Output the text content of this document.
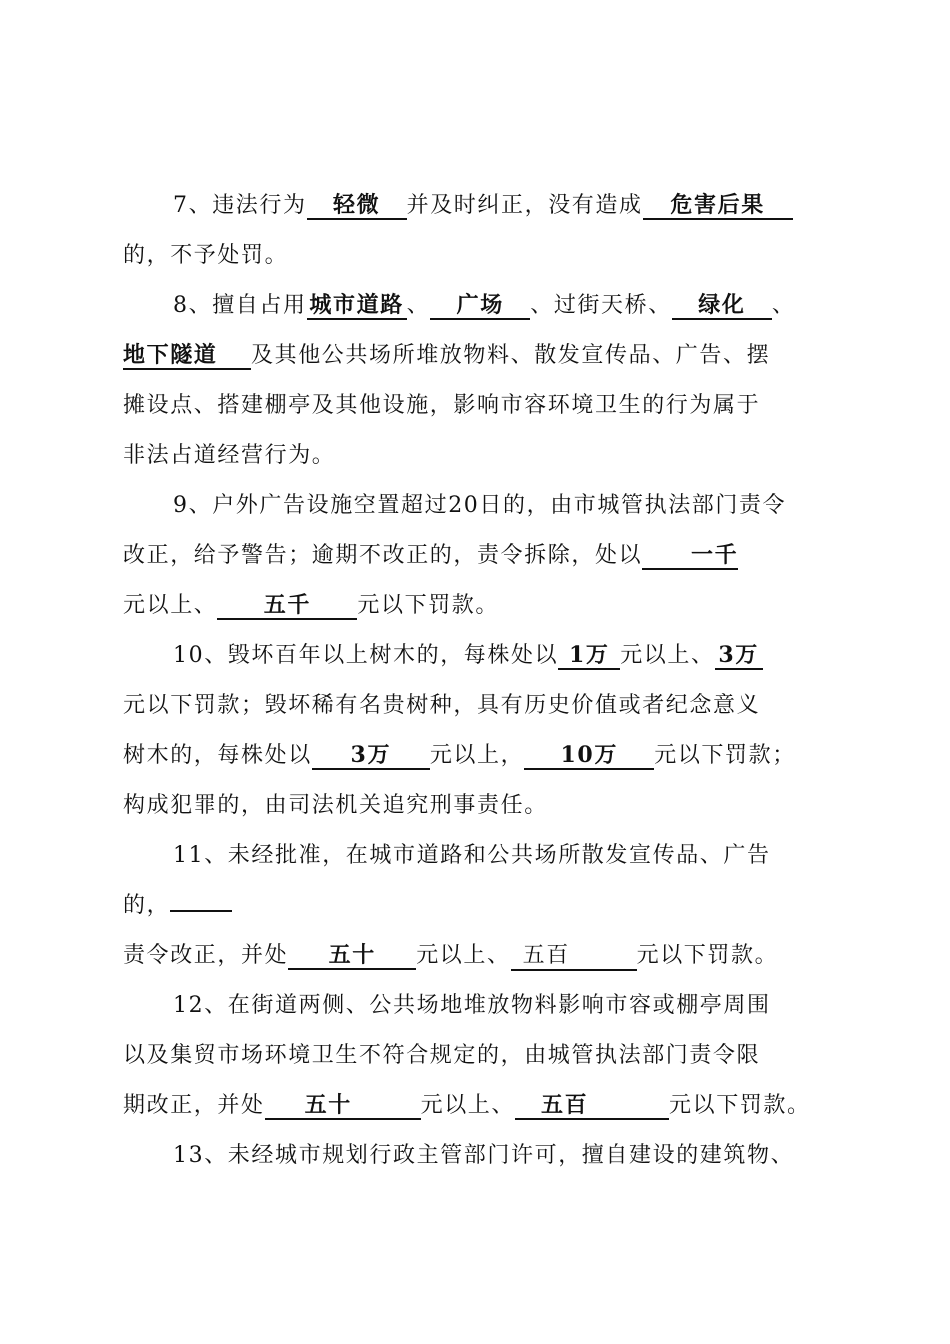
7、违法行为 轻微 并及时纠正，没有造成 危害后果
的，不予处罚。
8、擅自占用 城市道路 、 广场 、过街天桥、 绿化 、
地下隧道 及其他公共场所堆放物料、散发宣传品、广告、摆
摊设点、搭建棚亭及其他设施，影响市容环境卫生的行为属于
非法占道经营行为。
9、户外广告设施空置超过20日的，由市城管执法部门责令
改正，给予警告；逾期不改正的，责令拆除，处以 一千
元以上、 五千 元以下罚款。
10、毁坏百年以上树木的，每株处以 1万 元以上、 3万
元以下罚款；毁坏稀有名贵树种，具有历史价值或者纪念意义
树木的，每株处以 3万 元以上， 10万 元以下罚款；
构成犯罪的，由司法机关追究刑事责任。
11、未经批准，在城市道路和公共场所散发宣传品、广告
的，
责令改正，并处 五十 元以上、 五百	元以下罚款。
12、在街道两侧、公共场地堆放物料影响市容或棚亭周围
以及集贸市场环境卫生不符合规定的，由城管执法部门责令限
期改正，并处 五十	元以上、 五百	元以下罚款。
13、未经城市规划行政主管部门许可，擅自建设的建筑物、
